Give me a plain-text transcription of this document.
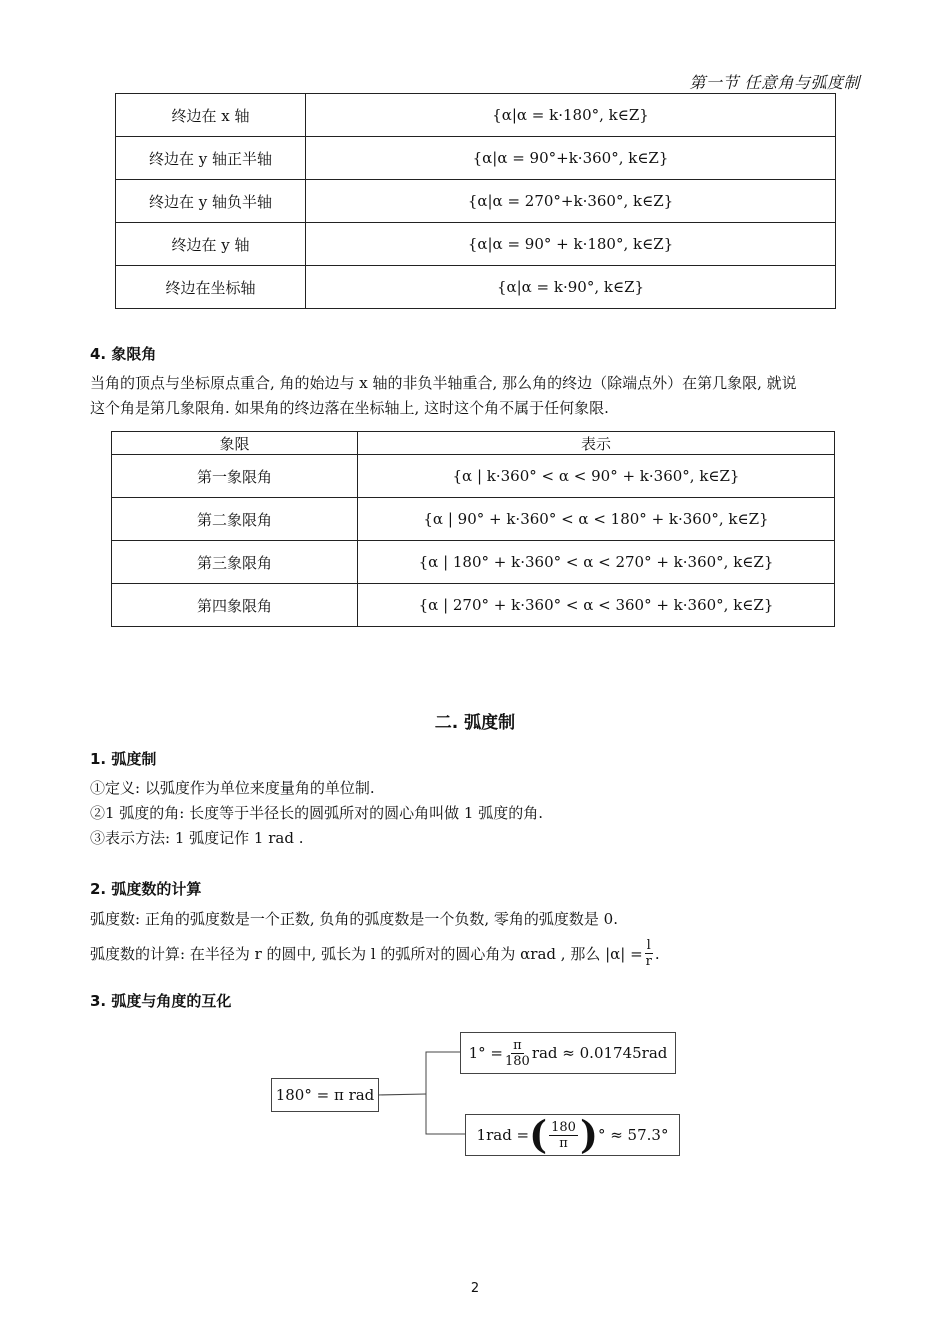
第一节 任意角与弧度制
终边在 x 轴	{α|α = k·180°, k∈Z}
终边在 y 轴正半轴	{α|α = 90°+k·360°, k∈Z}
终边在 y 轴负半轴	{α|α = 270°+k·360°, k∈Z}
终边在 y 轴	{α|α = 90° + k·180°, k∈Z}
终边在坐标轴	{α|α = k·90°, k∈Z}
4. 象限角
当角的顶点与坐标原点重合, 角的始边与 x 轴的非负半轴重合, 那么角的终边（除端点外）在第几象限, 就说
这个角是第几象限角. 如果角的终边落在坐标轴上, 这时这个角不属于任何象限.
象限	表示
第一象限角	{α | k·360° < α < 90° + k·360°, k∈Z}
第二象限角	{α | 90° + k·360° < α < 180° + k·360°, k∈Z}
第三象限角	{α | 180° + k·360° < α < 270° + k·360°, k∈Z}
第四象限角	{α | 270° + k·360° < α < 360° + k·360°, k∈Z}
二. 弧度制
1. 弧度制
①定义: 以弧度作为单位来度量角的单位制.
②1 弧度的角: 长度等于半径长的圆弧所对的圆心角叫做 1 弧度的角.
③表示方法: 1 弧度记作 1 rad .
2. 弧度数的计算
弧度数: 正角的弧度数是一个正数, 负角的弧度数是一个负数, 零角的弧度数是 0.
弧度数的计算: 在半径为 r 的圆中, 弧长为 l 的弧所对的圆心角为 αrad , 那么 $|\alpha| = \frac{l}{r}$ .
3. 弧度与角度的互化
180° = π rad
$1^\circ = \frac{\pi}{180}$ rad ≈ 0.01745rad
1rad = ( $\frac{180}{\pi}$ ) ° ≈ 57.3°
2
